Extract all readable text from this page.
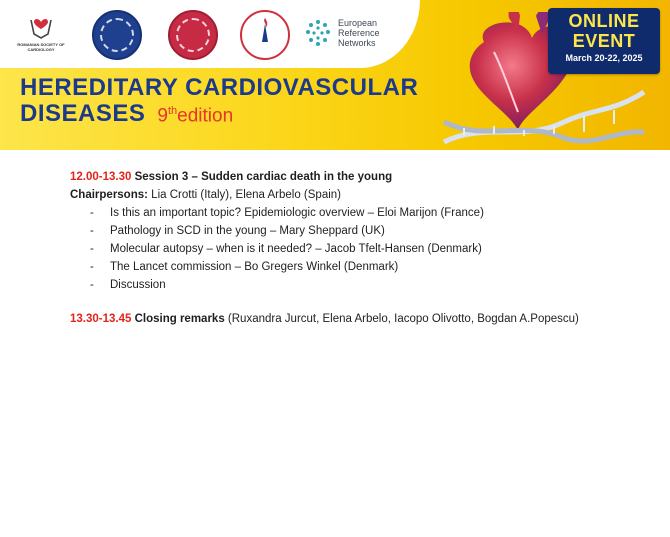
ROMANIAN SOCIETY OF CARDIOLOGY
European
Reference
Networks
ONLINE
EVENT
March 20-22, 2025
HEREDITARY CARDIOVASCULAR
DISEASES 9thedition
12.00-13.30 Session 3 – Sudden cardiac death in the young
Chairpersons: Lia Crotti (Italy), Elena Arbelo (Spain)
- Is this an important topic? Epidemiologic overview – Eloi Marijon (France)
- Pathology in SCD in the young – Mary Sheppard (UK)
- Molecular autopsy – when is it needed? – Jacob Tfelt-Hansen (Denmark)
- The Lancet commission – Bo Gregers Winkel (Denmark)
- Discussion
13.30-13.45 Closing remarks (Ruxandra Jurcut, Elena Arbelo, Iacopo Olivotto, Bogdan A.Popescu)
